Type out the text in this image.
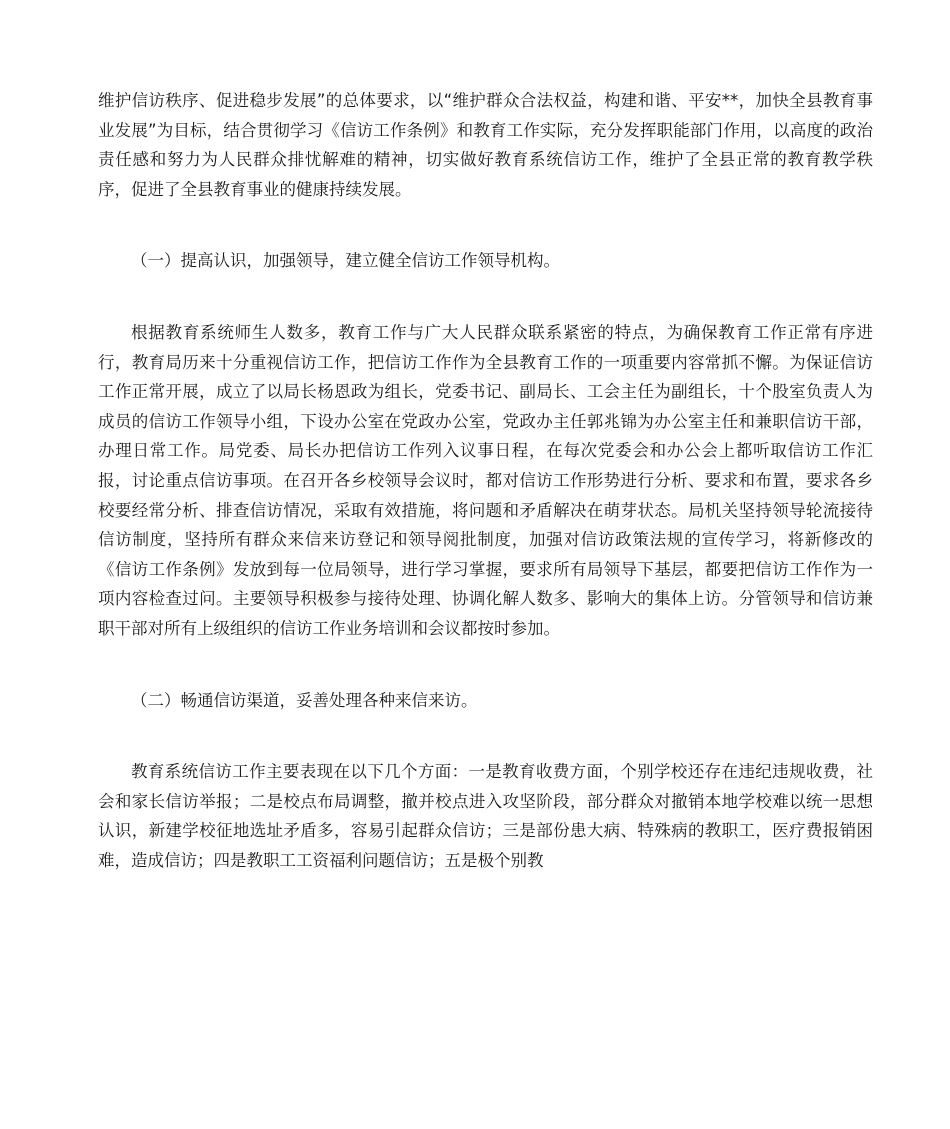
维护信访秩序、促进稳步发展”的总体要求，以“维护群众合法权益，构建和谐、平安**，加快全县教育事业发展”为目标，结合贯彻学习《信访工作条例》和教育工作实际，充分发挥职能部门作用，以高度的政治责任感和努力为人民群众排忧解难的精神，切实做好教育系统信访工作，维护了全县正常的教育教学秩序，促进了全县教育事业的健康持续发展。

（一）提高认识，加强领导，建立健全信访工作领导机构。

根据教育系统师生人数多，教育工作与广大人民群众联系紧密的特点，为确保教育工作正常有序进行，教育局历来十分重视信访工作，把信访工作作为全县教育工作的一项重要内容常抓不懈。为保证信访工作正常开展，成立了以局长杨恩政为组长，党委书记、副局长、工会主任为副组长，十个股室负责人为成员的信访工作领导小组，下设办公室在党政办公室，党政办主任郭兆锦为办公室主任和兼职信访干部，办理日常工作。局党委、局长办把信访工作列入议事日程，在每次党委会和办公会上都听取信访工作汇报，讨论重点信访事项。在召开各乡校领导会议时，都对信访工作形势进行分析、要求和布置，要求各乡校要经常分析、排查信访情况，采取有效措施，将问题和矛盾解决在萌芽状态。局机关坚持领导轮流接待信访制度，坚持所有群众来信来访登记和领导阅批制度，加强对信访政策法规的宣传学习，将新修改的《信访工作条例》发放到每一位局领导，进行学习掌握，要求所有局领导下基层，都要把信访工作作为一项内容检查过问。主要领导积极参与接待处理、协调化解人数多、影响大的集体上访。分管领导和信访兼职干部对所有上级组织的信访工作业务培训和会议都按时参加。

（二）畅通信访渠道，妥善处理各种来信来访。

教育系统信访工作主要表现在以下几个方面：一是教育收费方面，个别学校还存在违纪违规收费，社会和家长信访举报；二是校点布局调整，撤并校点进入攻坚阶段，部分群众对撤销本地学校难以统一思想认识，新建学校征地选址矛盾多，容易引起群众信访；三是部份患大病、特殊病的教职工，医疗费报销困难，造成信访；四是教职工工资福利问题信访；五是极个别教
